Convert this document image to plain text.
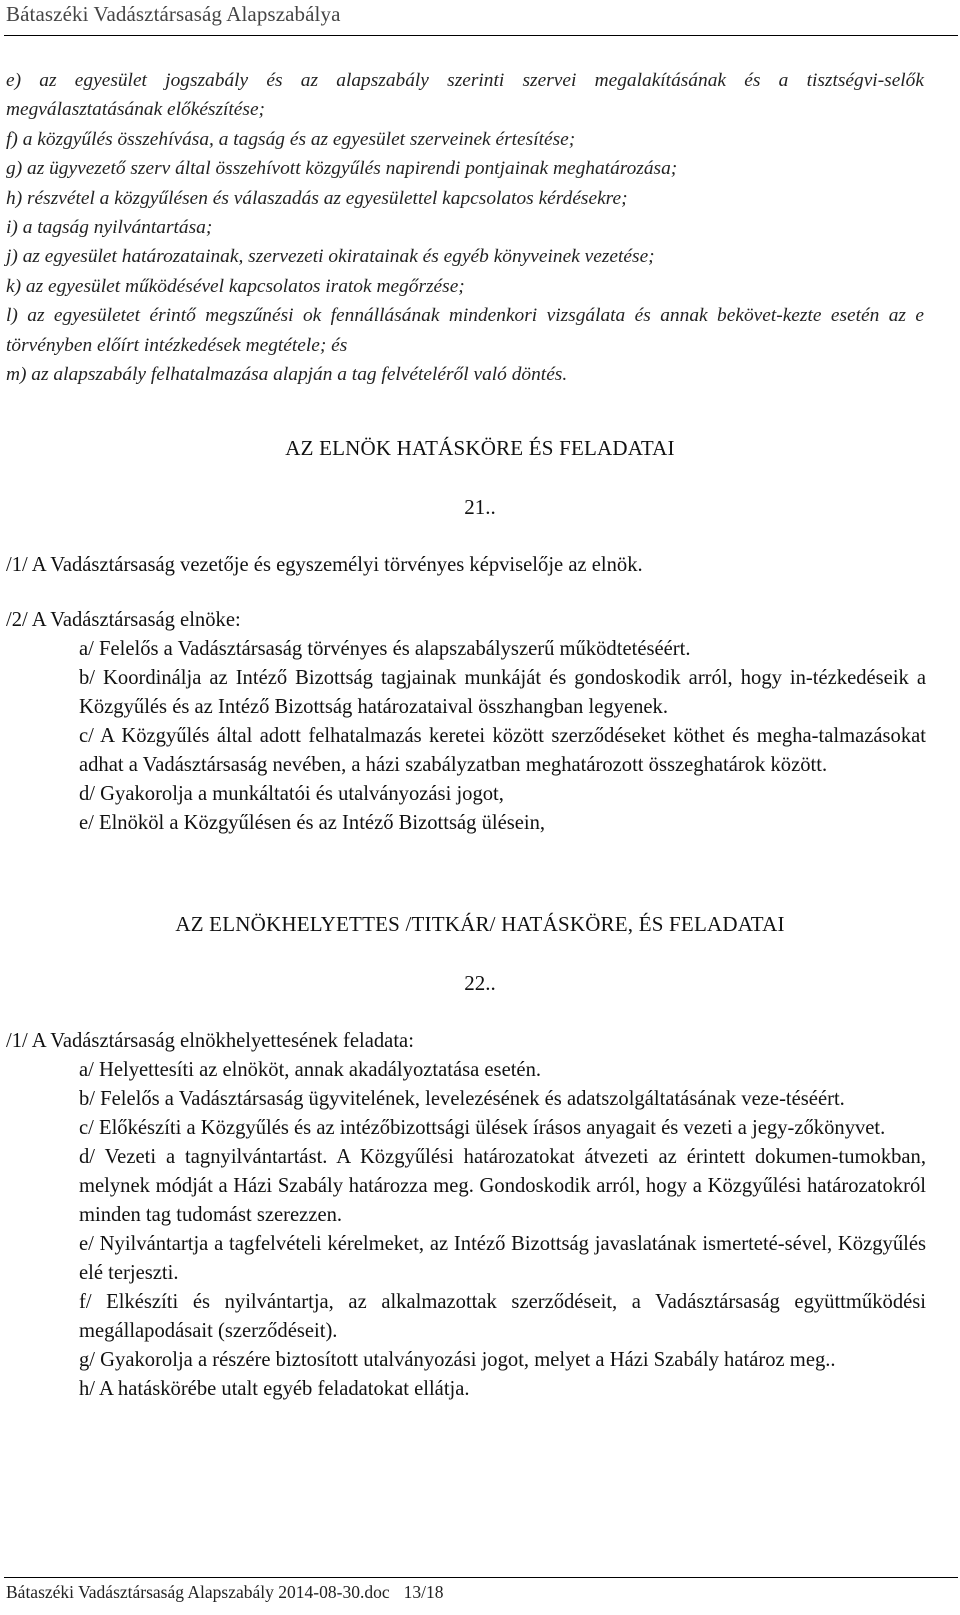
Bátaszéki Vadásztársaság Alapszabálya

e) az egyesület jogszabály és az alapszabály szerinti szervei megalakításának és a tisztségvi-selők megválasztatásának előkészítése;

f) a közgyűlés összehívása, a tagság és az egyesület szerveinek értesítése;

g) az ügyvezető szerv által összehívott közgyűlés napirendi pontjainak meghatározása;

h) részvétel a közgyűlésen és válaszadás az egyesülettel kapcsolatos kérdésekre;

i) a tagság nyilvántartása;

j) az egyesület határozatainak, szervezeti okiratainak és egyéb könyveinek vezetése;

k) az egyesület működésével kapcsolatos iratok megőrzése;

l) az egyesületet érintő megszűnési ok fennállásának mindenkori vizsgálata és annak bekövet-kezte esetén az e törvényben előírt intézkedések megtétele; és

m) az alapszabály felhatalmazása alapján a tag felvételéről való döntés.

AZ ELNÖK HATÁSKÖRE ÉS FELADATAI
21..

/1/ A Vadásztársaság vezetője és egyszemélyi törvényes képviselője az elnök.

/2/ A Vadásztársaság elnöke:

a/ Felelős a Vadásztársaság törvényes és alapszabályszerű működtetéséért.

b/ Koordinálja az Intéző Bizottság tagjainak munkáját és gondoskodik arról, hogy in-tézkedéseik a Közgyűlés és az Intéző Bizottság határozataival összhangban legyenek.

c/ A Közgyűlés által adott felhatalmazás keretei között szerződéseket köthet és megha-talmazásokat adhat a Vadásztársaság nevében, a házi szabályzatban meghatározott összeghatárok között.

d/ Gyakorolja a munkáltatói és utalványozási jogot,

e/ Elnököl a Közgyűlésen és az Intéző Bizottság ülésein,

AZ ELNÖKHELYETTES /TITKÁR/ HATÁSKÖRE, ÉS FELADATAI
22..

/1/ A Vadásztársaság elnökhelyettesének feladata:

a/ Helyettesíti az elnököt, annak akadályoztatása esetén.

b/ Felelős a Vadásztársaság ügyvitelének, levelezésének és adatszolgáltatásának veze-téséért.

c/ Előkészíti a Közgyűlés és az intézőbizottsági ülések írásos anyagait és vezeti a jegy-zőkönyvet.

d/ Vezeti a tagnyilvántartást. A Közgyűlési határozatokat átvezeti az érintett dokumen-tumokban, melynek módját a Házi Szabály határozza meg. Gondoskodik arról, hogy a Közgyűlési határozatokról minden tag tudomást szerezzen.

e/ Nyilvántartja a tagfelvételi kérelmeket, az Intéző Bizottság javaslatának ismerteté-sével, Közgyűlés elé terjeszti.

f/ Elkészíti és nyilvántartja, az alkalmazottak szerződéseit, a Vadásztársaság együttműködési megállapodásait (szerződéseit).

g/ Gyakorolja a részére biztosított utalványozási jogot, melyet a Házi Szabály határoz meg..

h/ A hatáskörébe utalt egyéb feladatokat ellátja.

Bátaszéki Vadásztársaság Alapszabály 2014-08-30.doc 13/18
